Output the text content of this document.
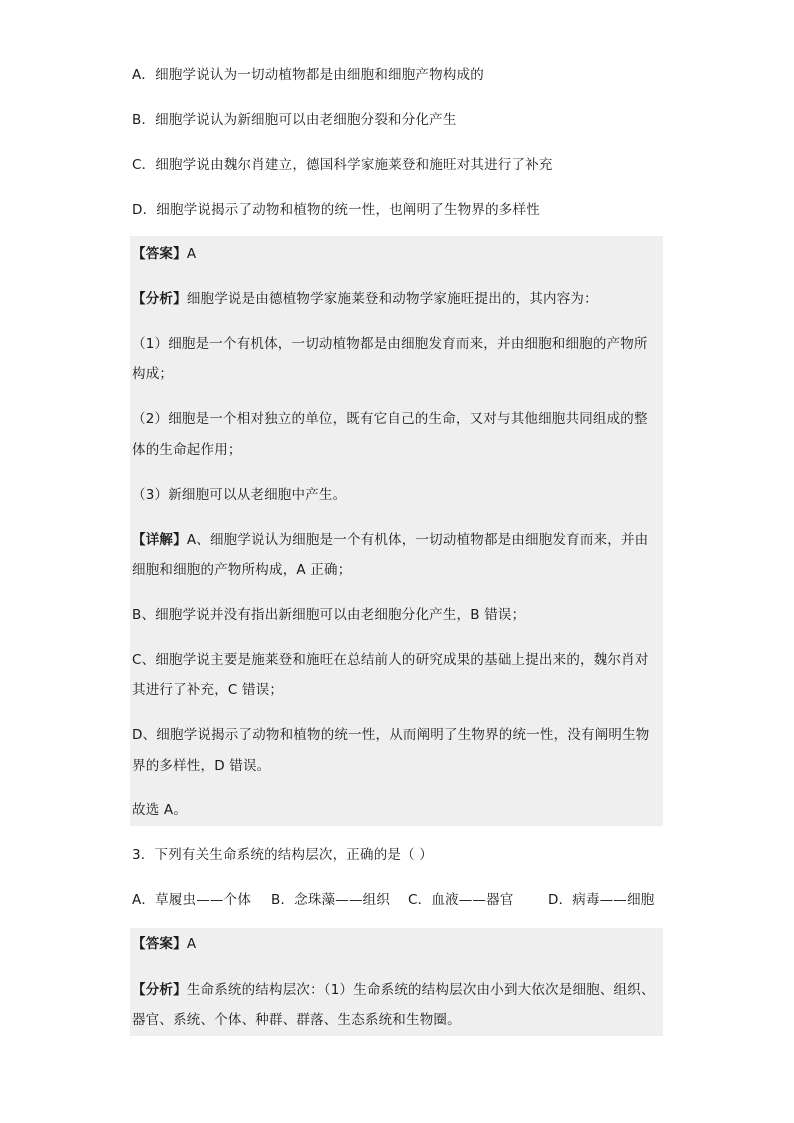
A．细胞学说认为一切动植物都是由细胞和细胞产物构成的
B．细胞学说认为新细胞可以由老细胞分裂和分化产生
C．细胞学说由魏尔肖建立，德国科学家施莱登和施旺对其进行了补充
D．细胞学说揭示了动物和植物的统一性，也阐明了生物界的多样性
【答案】A
【分析】细胞学说是由德植物学家施莱登和动物学家施旺提出的，其内容为：
（1）细胞是一个有机体，一切动植物都是由细胞发育而来，并由细胞和细胞的产物所
构成；
（2）细胞是一个相对独立的单位，既有它自己的生命，又对与其他细胞共同组成的整
体的生命起作用；
（3）新细胞可以从老细胞中产生。
【详解】A、细胞学说认为细胞是一个有机体，一切动植物都是由细胞发育而来，并由
细胞和细胞的产物所构成，A 正确；
B、细胞学说并没有指出新细胞可以由老细胞分化产生，B 错误；
C、细胞学说主要是施莱登和施旺在总结前人的研究成果的基础上提出来的，魏尔肖对
其进行了补充，C 错误；
D、细胞学说揭示了动物和植物的统一性，从而阐明了生物界的统一性，没有阐明生物
界的多样性，D 错误。
故选 A。
3．下列有关生命系统的结构层次，正确的是（ ）
A．草履虫——个体 B．念珠藻——组织 C．血液——器官	D．病毒——细胞
【答案】A
【分析】生命系统的结构层次：（1）生命系统的结构层次由小到大依次是细胞、组织、
器官、系统、个体、种群、群落、生态系统和生物圈。
